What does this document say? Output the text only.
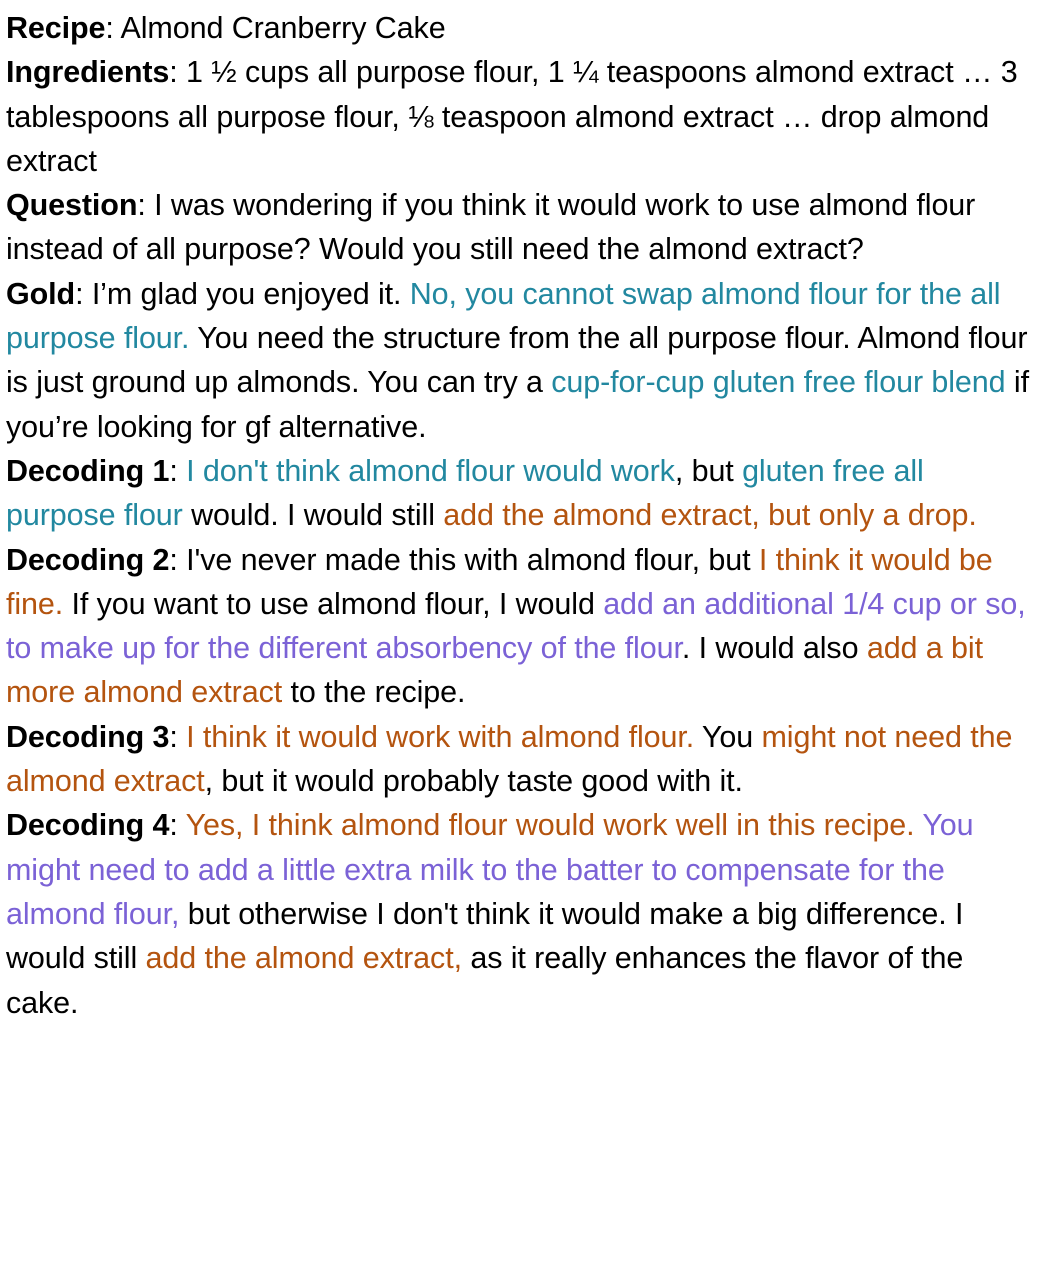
Recipe: Almond Cranberry Cake

Ingredients: 1 ½ cups all purpose flour, 1 ¼ teaspoons almond extract … 3 tablespoons all purpose flour, ⅛ teaspoon almond extract … drop almond extract

Question: I was wondering if you think it would work to use almond flour instead of all purpose? Would you still need the almond extract?

Gold: I’m glad you enjoyed it. No, you cannot swap almond flour for the all purpose flour. You need the structure from the all purpose flour. Almond flour is just ground up almonds. You can try a cup-for-cup gluten free flour blend if you’re looking for gf alternative.

Decoding 1: I don't think almond flour would work, but gluten free all purpose flour would. I would still add the almond extract, but only a drop.

Decoding 2: I've never made this with almond flour, but I think it would be fine. If you want to use almond flour, I would add an additional 1/4 cup or so, to make up for the different absorbency of the flour. I would also add a bit more almond extract to the recipe.

Decoding 3: I think it would work with almond flour. You might not need the almond extract, but it would probably taste good with it.

Decoding 4: Yes, I think almond flour would work well in this recipe. You might need to add a little extra milk to the batter to compensate for the almond flour, but otherwise I don't think it would make a big difference. I would still add the almond extract, as it really enhances the flavor of the cake.
